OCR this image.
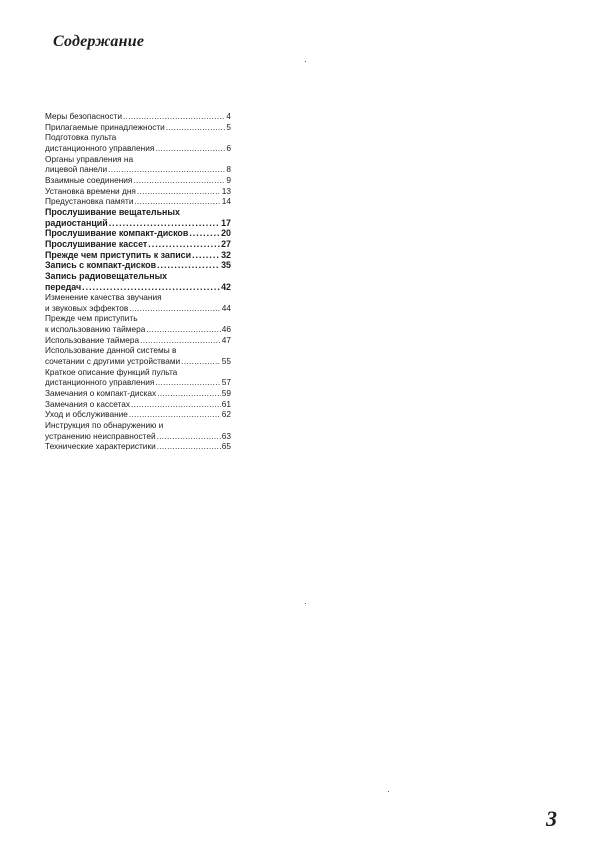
Содержание
Меры безопасности .....	4
Прилагаемые принадлежности .....	5
Подготовка пульта
дистанционного управления .....	6
Органы управления на
лицевой панели .....	8
Взаимные соединения .....	9
Установка времени дня .....	13
Предустановка памяти .....	14
Прослушивание вещательных
радиостанций .....	17
Прослушивание компакт-дисков .....	20
Прослушивание кассет .....	27
Прежде чем приступить к записи .....	32
Запись с компакт-дисков .....	35
Запись радиовещательных
передач .....	42
Изменение качества звучания
и звуковых эффектов .....	44
Прежде чем приступить
к использованию таймера .....	46
Использование таймера .....	47
Использование данной системы в
сочетании с другими устройствами .....	55
Краткое описание функций пульта
дистанционного управления .....	57
Замечания о компакт-дисках .....	59
Замечания о кассетах .....	61
Уход и обслуживание .....	62
Инструкция по обнаружению и
устранению неисправностей .....	63
Технические характеристики .....	65
3
